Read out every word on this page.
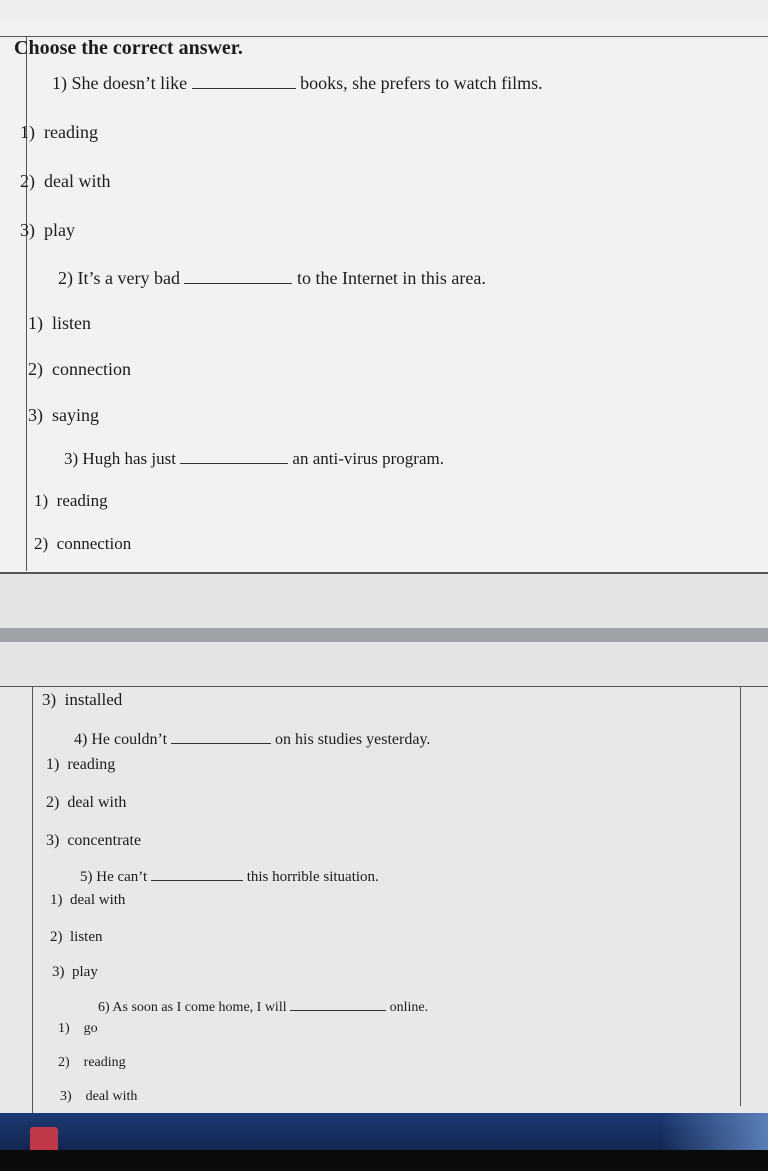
Choose the correct answer.
1) She doesn’t like	books, she prefers to watch films.
1) reading
2) deal with
3) play
2) It’s a very bad	to the Internet in this area.
1) listen
2) connection
3) saying
3) Hugh has just	an anti-virus program.
1) reading
2) connection
3) installed
4) He couldn’t	on his studies yesterday.
1) reading
2) deal with
3) concentrate
5) He can’t	this horrible situation.
1) deal with
2) listen
3) play
6) As soon as I come home, I will	online.
1) go
2) reading
3) deal with
